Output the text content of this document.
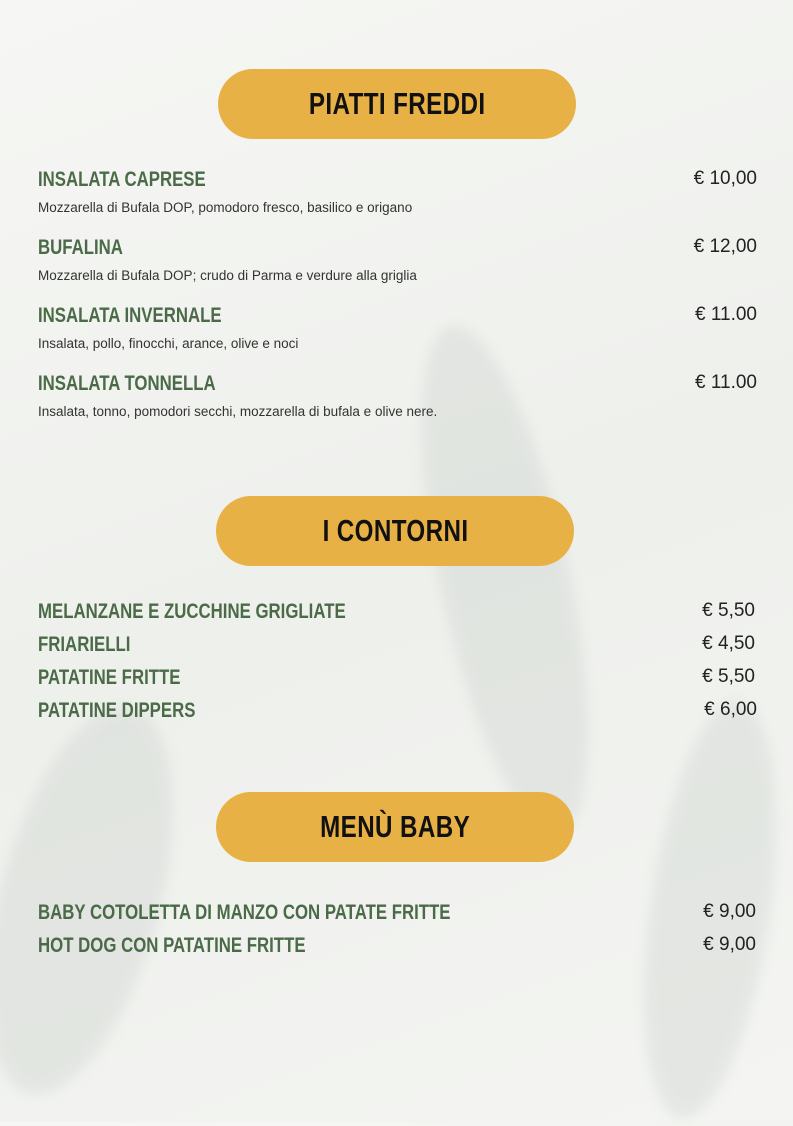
PIATTI FREDDI
INSALATA CAPRESE
Mozzarella di Bufala DOP, pomodoro fresco, basilico e origano
€ 10,00
BUFALINA
Mozzarella di Bufala DOP; crudo di Parma e verdure alla griglia
€ 12,00
INSALATA INVERNALE
Insalata, pollo, finocchi, arance, olive e noci
€ 11.00
INSALATA TONNELLA
Insalata, tonno, pomodori secchi, mozzarella di bufala e olive nere.
€ 11.00
I CONTORNI
MELANZANE E ZUCCHINE GRIGLIATE	€ 5,50
FRIARIELLI	€ 4,50
PATATINE FRITTE	€ 5,50
PATATINE DIPPERS	€ 6,00
MENÙ BABY
BABY COTOLETTA DI MANZO CON PATATE FRITTE	€ 9,00
HOT DOG CON PATATINE FRITTE	€ 9,00
